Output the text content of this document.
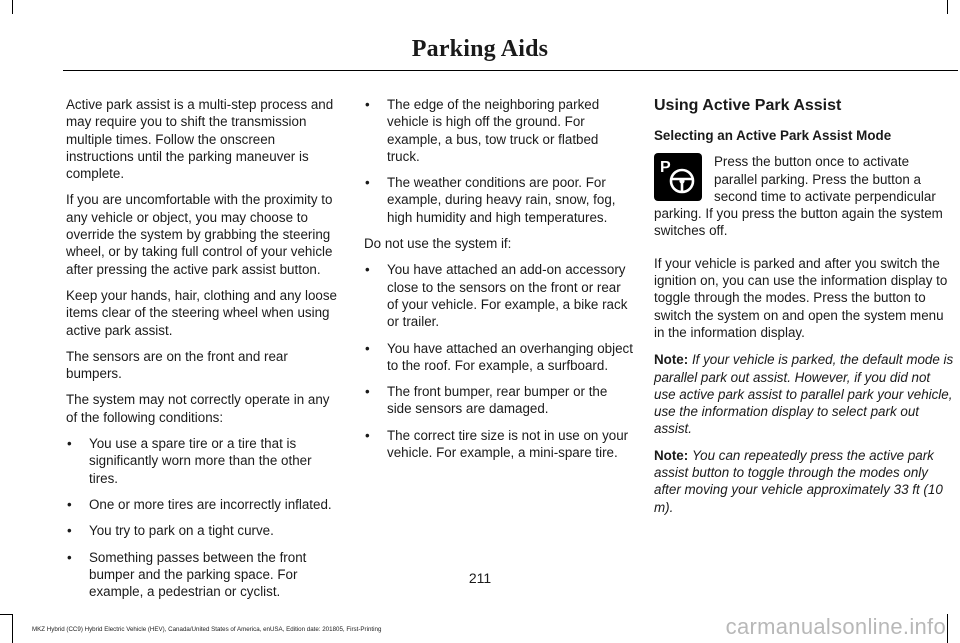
Parking Aids

Active park assist is a multi-step process and may require you to shift the transmission multiple times. Follow the onscreen instructions until the parking maneuver is complete.

If you are uncomfortable with the proximity to any vehicle or object, you may choose to override the system by grabbing the steering wheel, or by taking full control of your vehicle after pressing the active park assist button.

Keep your hands, hair, clothing and any loose items clear of the steering wheel when using active park assist.

The sensors are on the front and rear bumpers.

The system may not correctly operate in any of the following conditions:

• You use a spare tire or a tire that is significantly worn more than the other tires.
• One or more tires are incorrectly inflated.
• You try to park on a tight curve.
• Something passes between the front bumper and the parking space. For example, a pedestrian or cyclist.
• The edge of the neighboring parked vehicle is high off the ground. For example, a bus, tow truck or flatbed truck.
• The weather conditions are poor. For example, during heavy rain, snow, fog, high humidity and high temperatures.

Do not use the system if:

• You have attached an add-on accessory close to the sensors on the front or rear of your vehicle. For example, a bike rack or trailer.
• You have attached an overhanging object to the roof. For example, a surfboard.
• The front bumper, rear bumper or the side sensors are damaged.
• The correct tire size is not in use on your vehicle. For example, a mini-spare tire.
Using Active Park Assist

Selecting an Active Park Assist Mode

P	Press the button once to activate parallel parking. Press the button a second time to activate perpendicular parking. If you press the button again the system switches off.

If your vehicle is parked and after you switch the ignition on, you can use the information display to toggle through the modes. Press the button to switch the system on and open the system menu in the information display.

Note: If your vehicle is parked, the default mode is parallel park out assist. However, if you did not use active park assist to parallel park your vehicle, use the information display to select park out assist.

Note: You can repeatedly press the active park assist button to toggle through the modes only after moving your vehicle approximately 33 ft (10 m).

211
MKZ Hybrid (CC9) Hybrid Electric Vehicle (HEV), Canada/United States of America, enUSA, Edition date: 201805, First-Printing	carmanualsonline.info
